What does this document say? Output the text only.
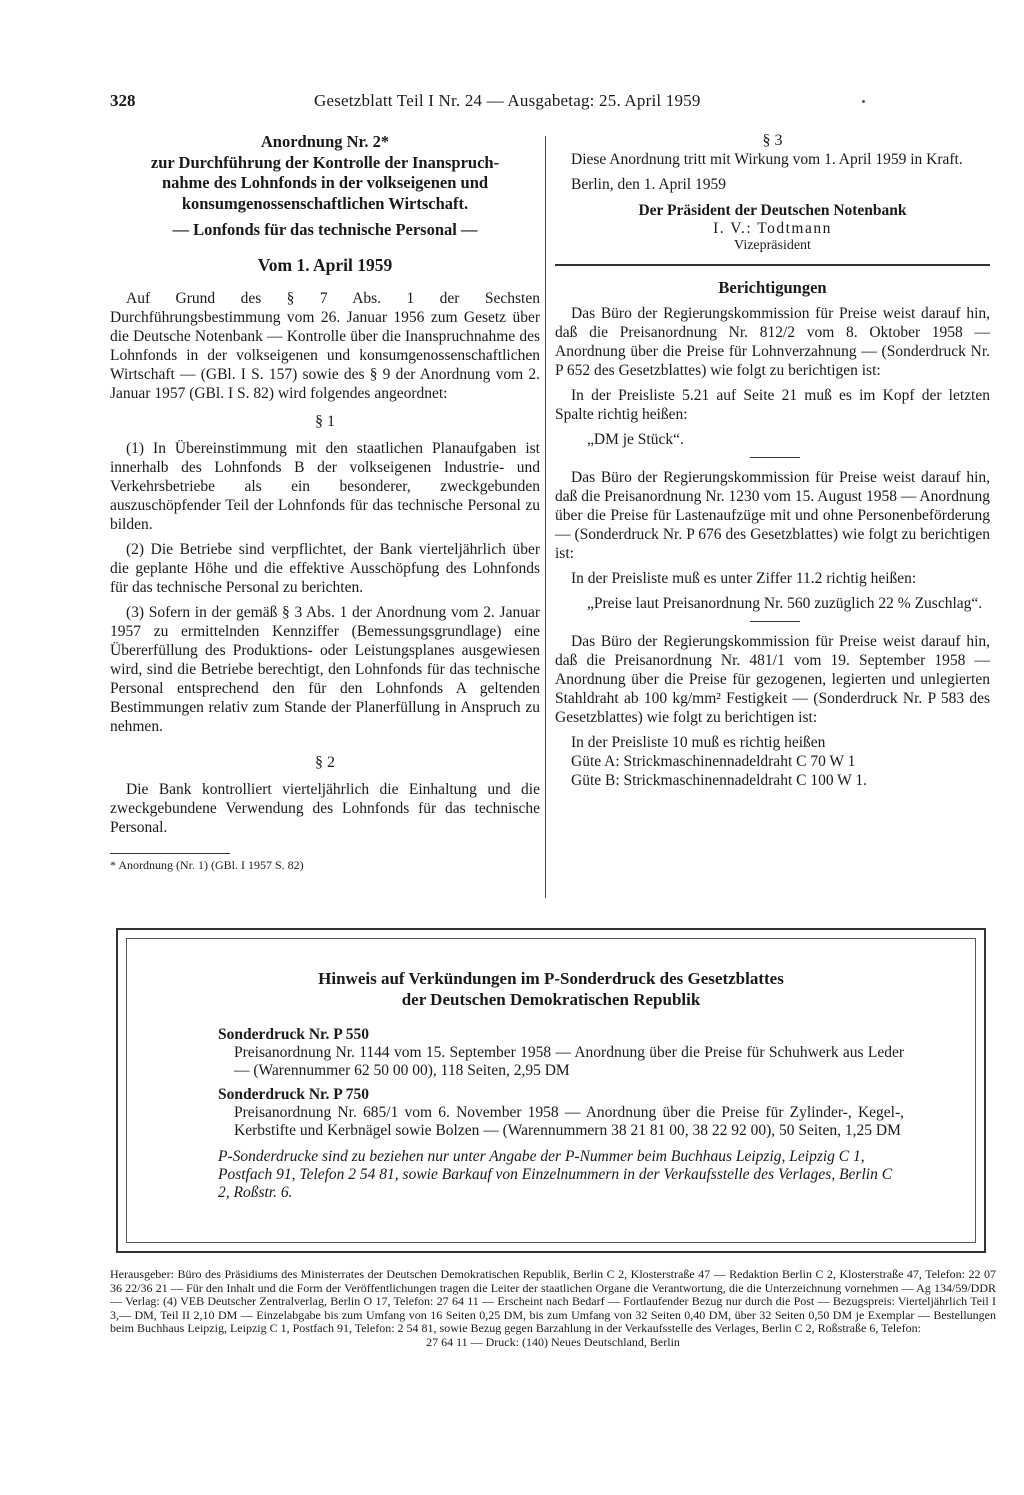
328	Gesetzblatt Teil I Nr. 24 — Ausgabetag: 25. April 1959
Anordnung Nr. 2*
zur Durchführung der Kontrolle der Inanspruch-
nahme des Lohnfonds in der volkseigenen und
konsumgenossenschaftlichen Wirtschaft.
— Lonfonds für das technische Personal —
Vom 1. April 1959

Auf Grund des § 7 Abs. 1 der Sechsten Durchführungsbestimmung vom 26. Januar 1956 zum Gesetz über die Deutsche Notenbank — Kontrolle über die Inanspruchnahme des Lohnfonds in der volkseigenen und konsumgenossenschaftlichen Wirtschaft — (GBl. I S. 157) sowie des § 9 der Anordnung vom 2. Januar 1957 (GBl. I S. 82) wird folgendes angeordnet:

§ 1

(1) In Übereinstimmung mit den staatlichen Planaufgaben ist innerhalb des Lohnfonds B der volkseigenen Industrie- und Verkehrsbetriebe als ein besonderer, zweckgebunden auszuschöpfender Teil der Lohnfonds für das technische Personal zu bilden.

(2) Die Betriebe sind verpflichtet, der Bank vierteljährlich über die geplante Höhe und die effektive Ausschöpfung des Lohnfonds für das technische Personal zu berichten.

(3) Sofern in der gemäß § 3 Abs. 1 der Anordnung vom 2. Januar 1957 zu ermittelnden Kennziffer (Bemessungsgrundlage) eine Übererfüllung des Produktions- oder Leistungsplanes ausgewiesen wird, sind die Betriebe berechtigt, den Lohnfonds für das technische Personal entsprechend den für den Lohnfonds A geltenden Bestimmungen relativ zum Stande der Planerfüllung in Anspruch zu nehmen.

§ 2

Die Bank kontrolliert vierteljährlich die Einhaltung und die zweckgebundene Verwendung des Lohnfonds für das technische Personal.

* Anordnung (Nr. 1) (GBl. I 1957 S. 82)

§ 3

Diese Anordnung tritt mit Wirkung vom 1. April 1959 in Kraft.

Berlin, den 1. April 1959

Der Präsident der Deutschen Notenbank
I. V.: Todtmann
Vizepräsident
Berichtigungen

Das Büro der Regierungskommission für Preise weist darauf hin, daß die Preisanordnung Nr. 812/2 vom 8. Oktober 1958 — Anordnung über die Preise für Lohnverzahnung — (Sonderdruck Nr. P 652 des Gesetzblattes) wie folgt zu berichtigen ist:

In der Preisliste 5.21 auf Seite 21 muß es im Kopf der letzten Spalte richtig heißen:

„DM je Stück“.

Das Büro der Regierungskommission für Preise weist darauf hin, daß die Preisanordnung Nr. 1230 vom 15. August 1958 — Anordnung über die Preise für Lastenaufzüge mit und ohne Personenbeförderung — (Sonderdruck Nr. P 676 des Gesetzblattes) wie folgt zu berichtigen ist:

In der Preisliste muß es unter Ziffer 11.2 richtig heißen:

„Preise laut Preisanordnung Nr. 560 zuzüglich 22 % Zuschlag“.

Das Büro der Regierungskommission für Preise weist darauf hin, daß die Preisanordnung Nr. 481/1 vom 19. September 1958 — Anordnung über die Preise für gezogenen, legierten und unlegierten Stahldraht ab 100 kg/mm² Festigkeit — (Sonderdruck Nr. P 583 des Gesetzblattes) wie folgt zu berichtigen ist:

In der Preisliste 10 muß es richtig heißen

Güte A: Strickmaschinennadeldraht C 70 W 1

Güte B: Strickmaschinennadeldraht C 100 W 1.

Hinweis auf Verkündungen im P-Sonderdruck des Gesetzblattes
der Deutschen Demokratischen Republik

Sonderdruck Nr. P 550

Preisanordnung Nr. 1144 vom 15. September 1958 — Anordnung über die Preise für Schuhwerk aus Leder — (Warennummer 62 50 00 00), 118 Seiten, 2,95 DM

Sonderdruck Nr. P 750

Preisanordnung Nr. 685/1 vom 6. November 1958 — Anordnung über die Preise für Zylinder-, Kegel-, Kerbstifte und Kerbnägel sowie Bolzen — (Warennummern 38 21 81 00, 38 22 92 00), 50 Seiten, 1,25 DM

P-Sonderdrucke sind zu beziehen nur unter Angabe der P-Nummer beim Buchhaus Leipzig, Leipzig C 1, Postfach 91, Telefon 2 54 81, sowie Barkauf von Einzelnummern in der Verkaufsstelle des Verlages, Berlin C 2, Roßstr. 6.

Herausgeber: Büro des Präsidiums des Ministerrates der Deutschen Demokratischen Republik, Berlin C 2, Klosterstraße 47 — Redaktion Berlin C 2, Klosterstraße 47, Telefon: 22 07 36 22/36 21 — Für den Inhalt und die Form der Veröffentlichungen tragen die Leiter der staatlichen Organe die Verantwortung, die die Unterzeichnung vornehmen — Ag 134/59/DDR — Verlag: (4) VEB Deutscher Zentralverlag, Berlin O 17, Telefon: 27 64 11 — Erscheint nach Bedarf — Fortlaufender Bezug nur durch die Post — Bezugspreis: Vierteljährlich Teil I 3,— DM, Teil II 2,10 DM — Einzelabgabe bis zum Umfang von 16 Seiten 0,25 DM, bis zum Umfang von 32 Seiten 0,40 DM, über 32 Seiten 0,50 DM je Exemplar — Bestellungen beim Buchhaus Leipzig, Leipzig C 1, Postfach 91, Telefon: 2 54 81, sowie Bezug gegen Barzahlung in der Verkaufsstelle des Verlages, Berlin C 2, Roßstraße 6, Telefon:

27 64 11 — Druck: (140) Neues Deutschland, Berlin
